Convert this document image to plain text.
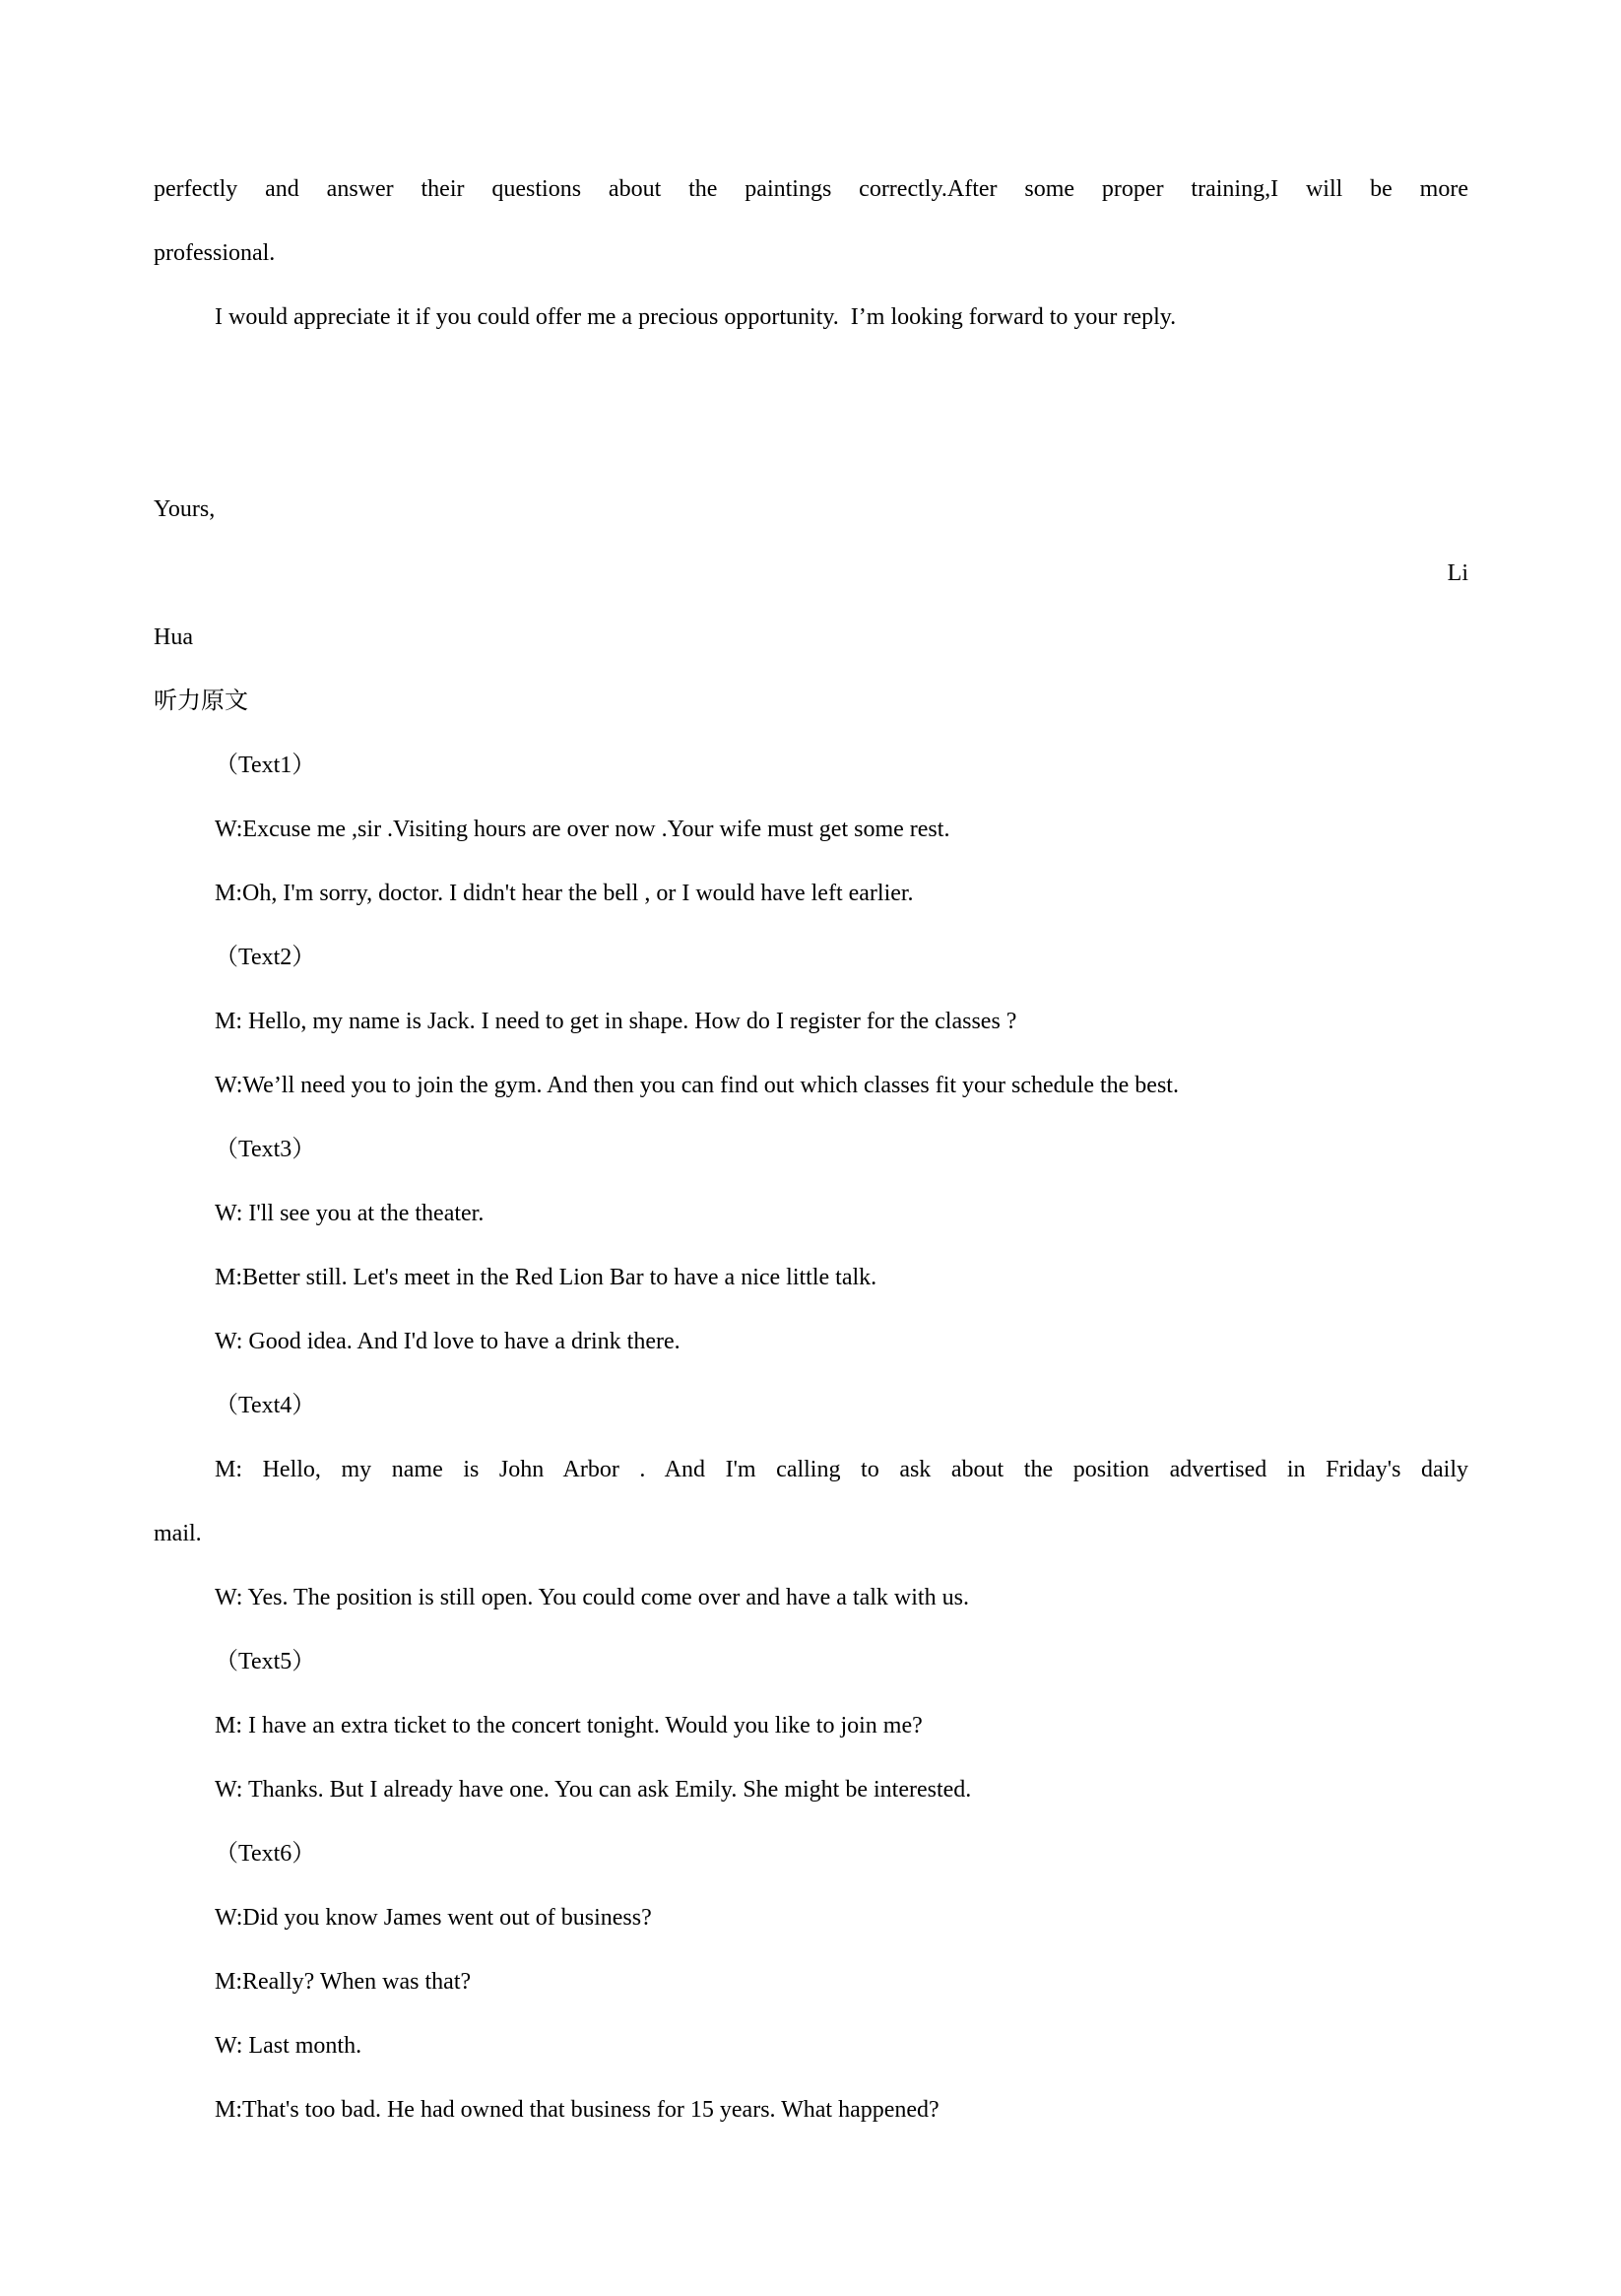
perfectly and answer their questions about the paintings correctly.After some proper training,I will be more
professional.
I would appreciate it if you could offer me a precious opportunity.  I’m looking forward to your reply.
Yours,
Li
Hua
听力原文
（Text1）
W:Excuse me ,sir .Visiting hours are over now .Your wife must get some rest.
M:Oh, I'm sorry, doctor. I didn't hear the bell , or I would have left earlier.
（Text2）
M: Hello, my name is Jack. I need to get in shape. How do I register for the classes ?
W:We’ll need you to join the gym. And then you can find out which classes fit your schedule the best.
（Text3）
W: I'll see you at the theater.
M:Better still. Let's meet in the Red Lion Bar to have a nice little talk.
W: Good idea. And I'd love to have a drink there.
（Text4）
M: Hello, my name is John Arbor . And I'm calling to ask about the position advertised in Friday's daily
mail.
W: Yes. The position is still open. You could come over and have a talk with us.
（Text5）
M: I have an extra ticket to the concert tonight. Would you like to join me?
W: Thanks. But I already have one. You can ask Emily. She might be interested.
（Text6）
W:Did you know James went out of business?
M:Really? When was that?
W: Last month.
M:That's too bad. He had owned that business for 15 years. What happened?
